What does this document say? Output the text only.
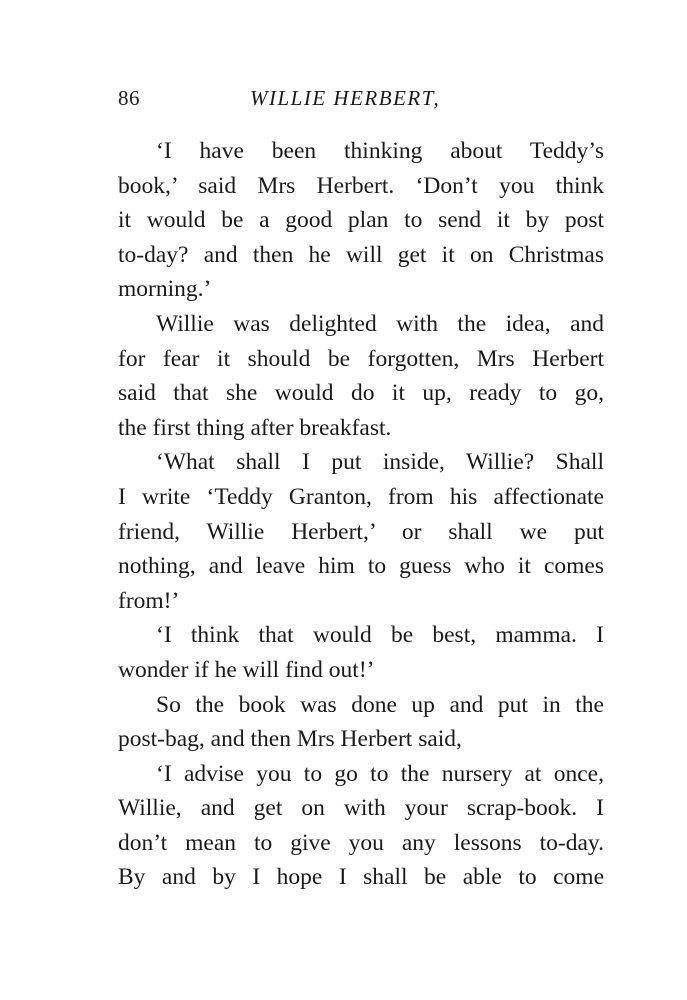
86	WILLIE HERBERT,
‘I have been thinking about Teddy’s
book,’ said Mrs Herbert. ‘Don’t you think
it would be a good plan to send it by post
to-day? and then he will get it on Christmas
morning.’
Willie was delighted with the idea, and
for fear it should be forgotten, Mrs Herbert
said that she would do it up, ready to go,
the first thing after breakfast.
‘What shall I put inside, Willie? Shall
I write ‘Teddy Granton, from his affectionate
friend, Willie Herbert,’ or shall we put
nothing, and leave him to guess who it comes
from!’
‘I think that would be best, mamma. I
wonder if he will find out!’
So the book was done up and put in the
post-bag, and then Mrs Herbert said,
‘I advise you to go to the nursery at once,
Willie, and get on with your scrap-book. I
don’t mean to give you any lessons to-day.
By and by I hope I shall be able to come
